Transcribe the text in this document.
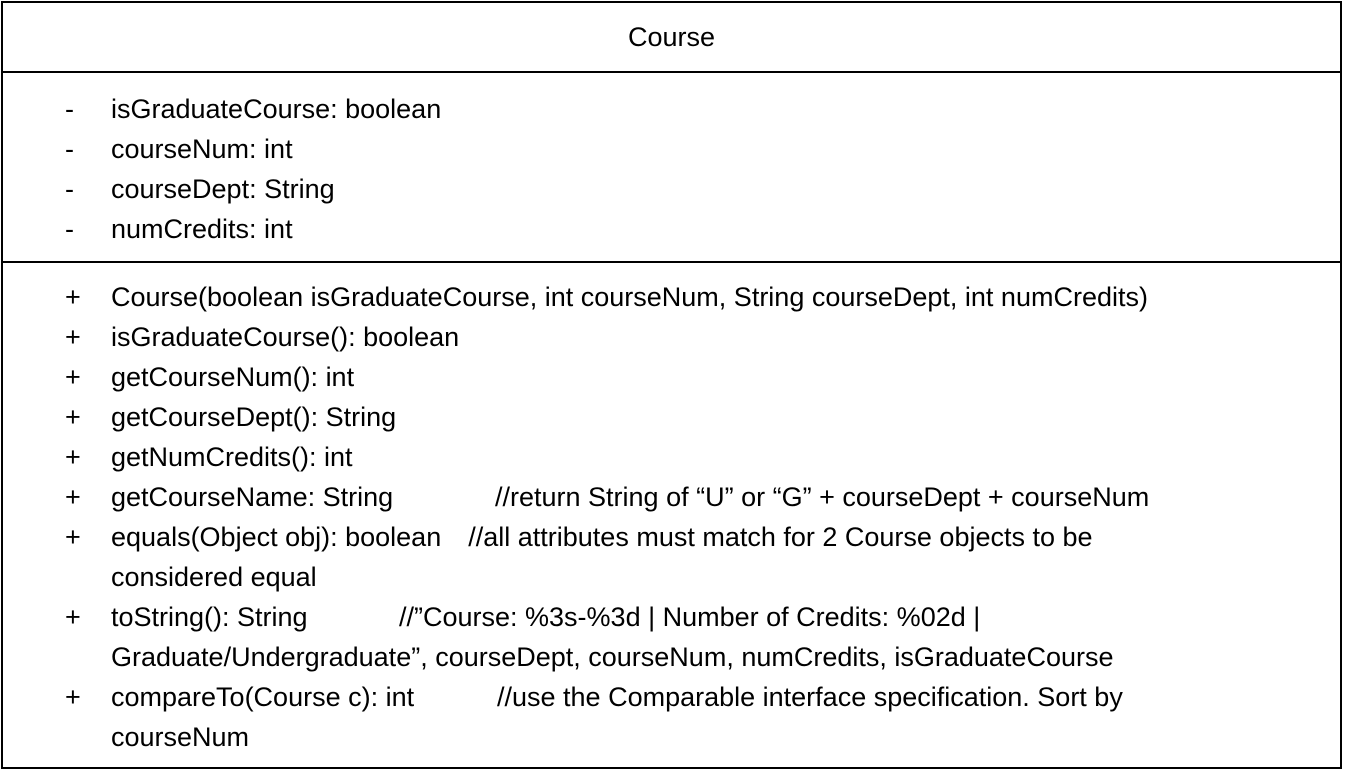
Course
-	isGraduateCourse: boolean
-	courseNum: int
-	courseDept: String
-	numCredits: int
+	Course(boolean isGraduateCourse, int courseNum, String courseDept, int numCredits)
+	isGraduateCourse(): boolean
+	getCourseNum(): int
+	getCourseDept(): String
+	getNumCredits(): int
+	getCourseName: String	//return String of “U” or “G” + courseDept + courseNum
+	equals(Object obj): boolean //all attributes must match for 2 Course objects to be considered equal
+	toString(): String	//”Course: %3s-%3d | Number of Credits: %02d | Graduate/Undergraduate”, courseDept, courseNum, numCredits, isGraduateCourse
+	compareTo(Course c): int	//use the Comparable interface specification. Sort by courseNum
